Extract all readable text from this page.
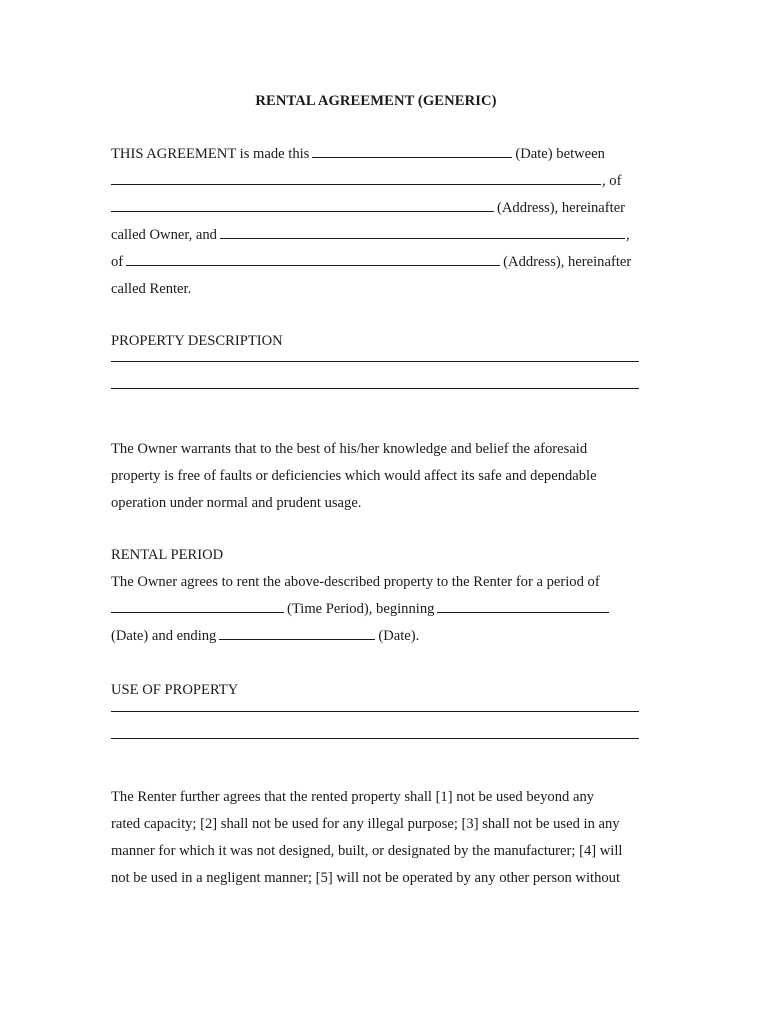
RENTAL AGREEMENT (GENERIC)
THIS AGREEMENT is made this	(Date) between
, of
(Address), hereinafter
called Owner, and	,
of	(Address), hereinafter
called Renter.
PROPERTY DESCRIPTION
The Owner warrants that to the best of his/her knowledge and belief the aforesaid
property is free of faults or deficiencies which would affect its safe and dependable
operation under normal and prudent usage.
RENTAL PERIOD
The Owner agrees to rent the above-described property to the Renter for a period of
(Time Period), beginning
(Date) and ending	(Date).
USE OF PROPERTY
The Renter further agrees that the rented property shall [1] not be used beyond any
rated capacity; [2] shall not be used for any illegal purpose; [3] shall not be used in any
manner for which it was not designed, built, or designated by the manufacturer; [4] will
not be used in a negligent manner; [5] will not be operated by any other person without
